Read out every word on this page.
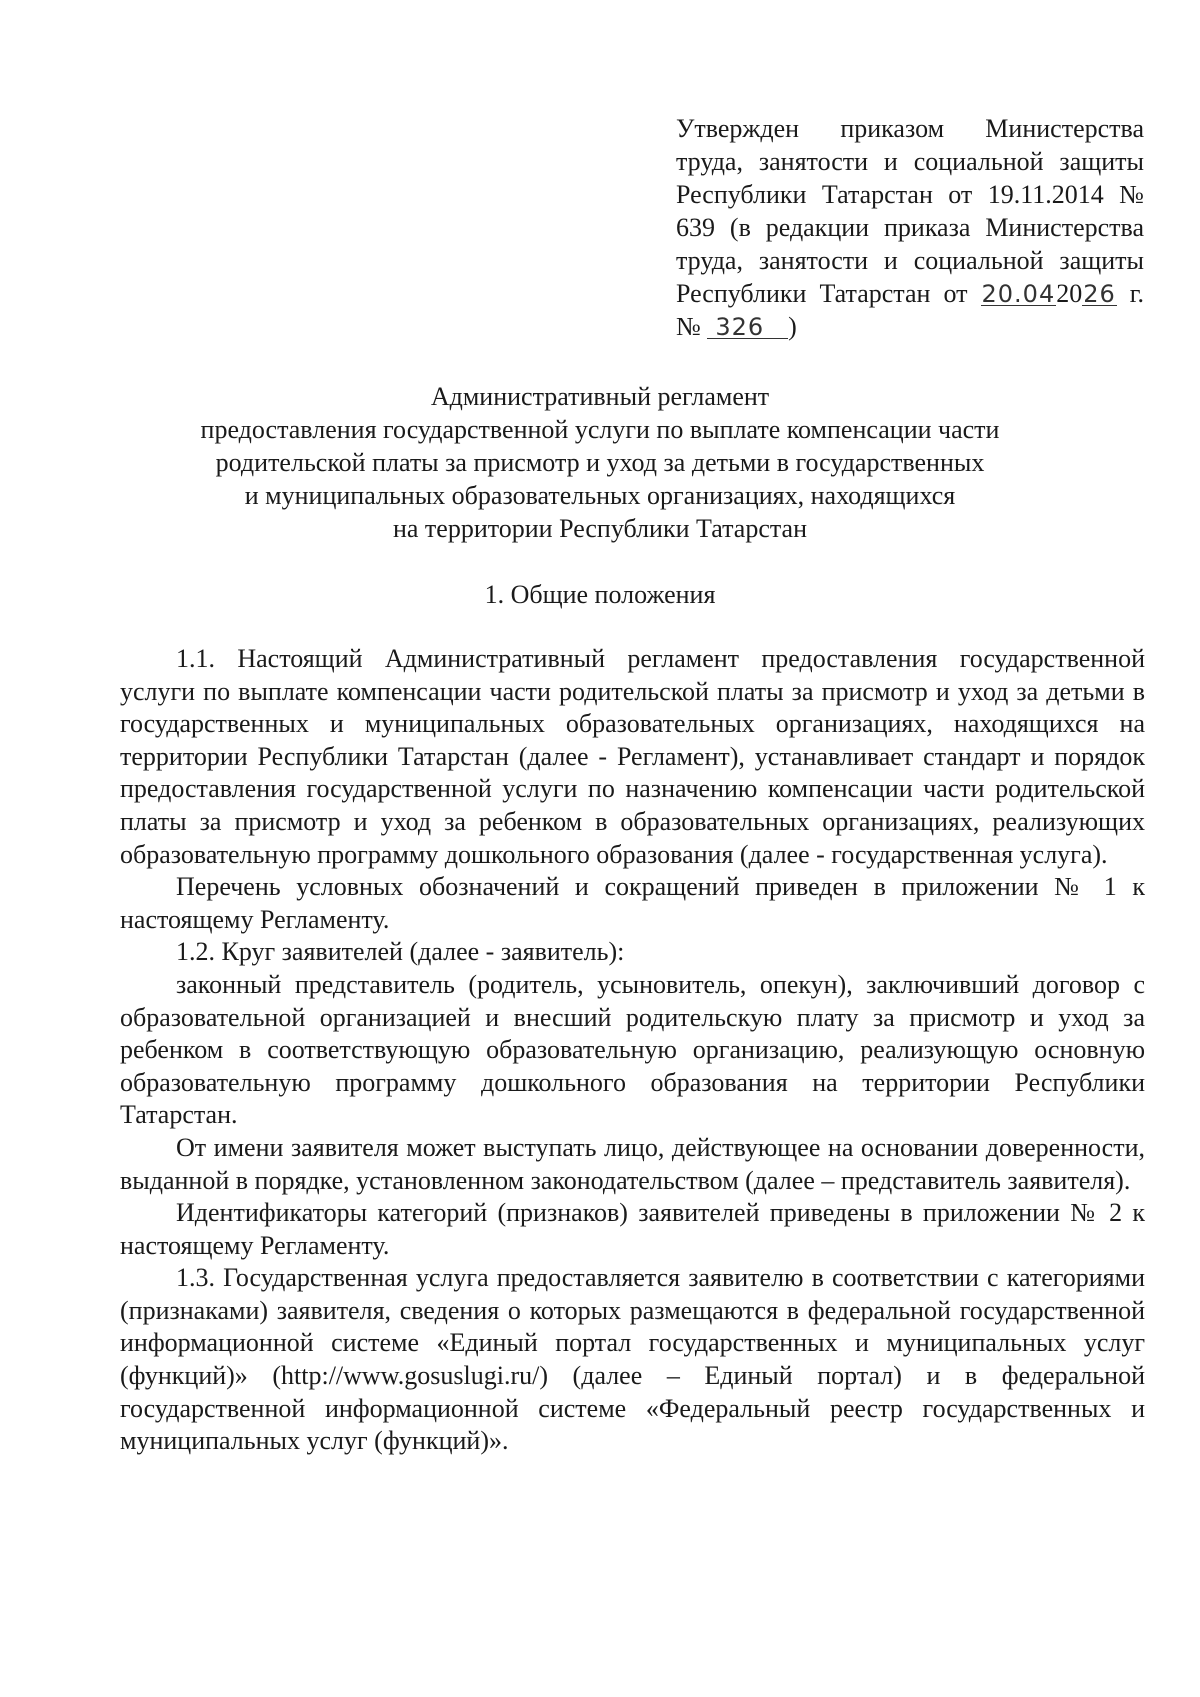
Утвержден приказом Министерства
труда, занятости и социальной защиты
Республики Татарстан от 19.11.2014 №
639 (в редакции приказа Министерства
труда, занятости и социальной защиты
Республики Татарстан от 20.042026 г.
№ 326 )
Административный регламент
предоставления государственной услуги по выплате компенсации части
родительской платы за присмотр и уход за детьми в государственных
и муниципальных образовательных организациях, находящихся
на территории Республики Татарстан
1. Общие положения

1.1. Настоящий Административный регламент предоставления государственной услуги по выплате компенсации части родительской платы за присмотр и уход за детьми в государственных и муниципальных образовательных организациях, находящихся на территории Республики Татарстан (далее - Регламент), устанавливает стандарт и порядок предоставления государственной услуги по назначению компенсации части родительской платы за присмотр и уход за ребенком в образовательных организациях, реализующих образовательную программу дошкольного образования (далее - государственная услуга).

Перечень условных обозначений и сокращений приведен в приложении № 1 к настоящему Регламенту.

1.2. Круг заявителей (далее - заявитель):

законный представитель (родитель, усыновитель, опекун), заключивший договор с образовательной организацией и внесший родительскую плату за присмотр и уход за ребенком в соответствующую образовательную организацию, реализующую основную образовательную программу дошкольного образования на территории Республики Татарстан.

От имени заявителя может выступать лицо, действующее на основании доверенности, выданной в порядке, установленном законодательством (далее – представитель заявителя).

Идентификаторы категорий (признаков) заявителей приведены в приложении № 2 к настоящему Регламенту.

1.3. Государственная услуга предоставляется заявителю в соответствии с категориями (признаками) заявителя, сведения о которых размещаются в федеральной государственной информационной системе «Единый портал государственных и муниципальных услуг (функций)» (http://www.gosuslugi.ru/) (далее – Единый портал) и в федеральной государственной информационной системе «Федеральный реестр государственных и муниципальных услуг (функций)».
